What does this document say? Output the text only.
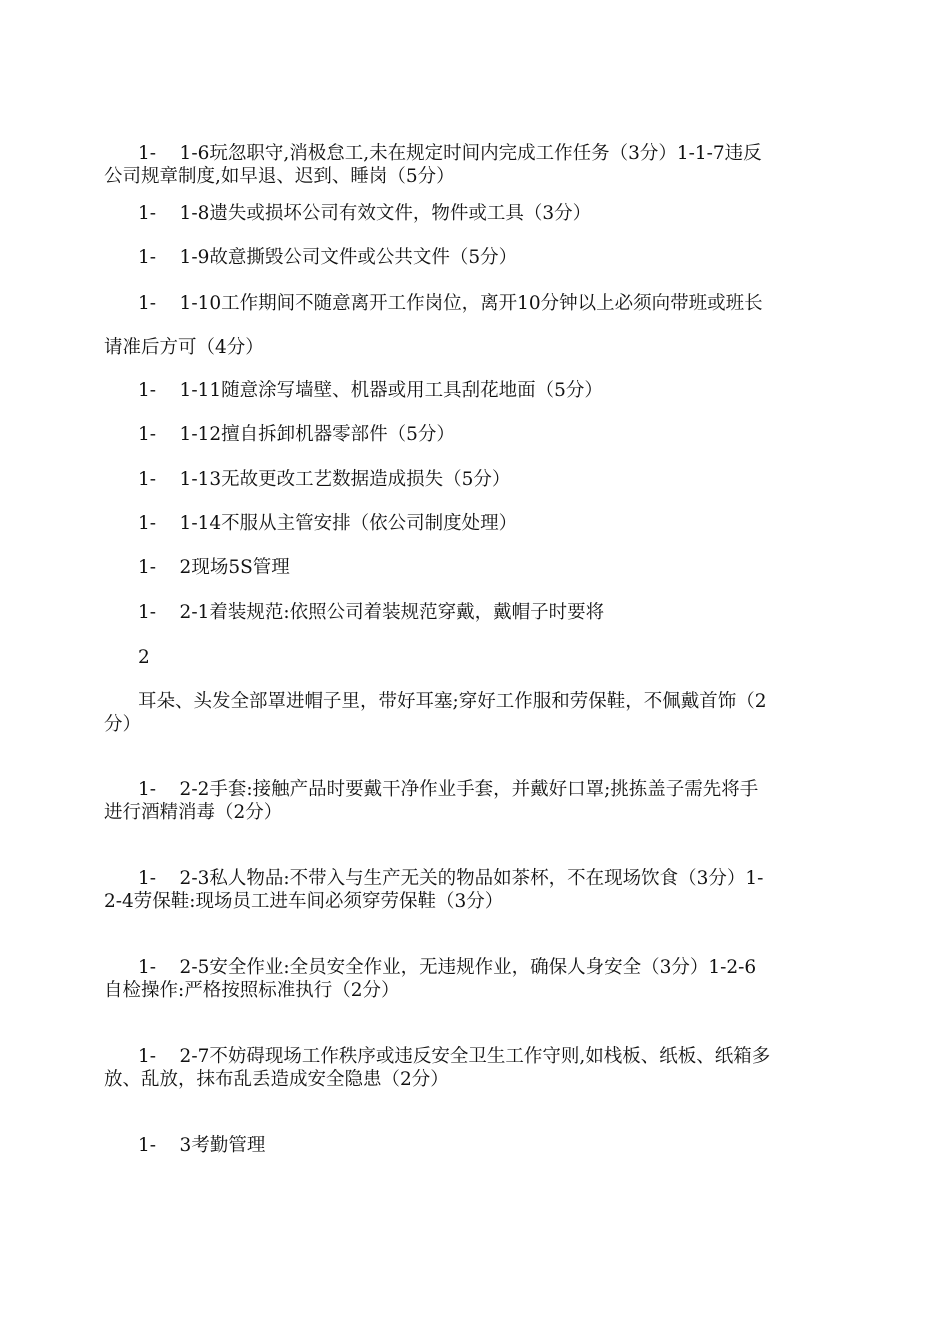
1-    1-6玩忽职守,消极怠工,未在规定时间内完成工作任务（3分）1-1-7违反
公司规章制度,如早退、迟到、睡岗（5分）

1-    1-8遗失或损坏公司有效文件，物件或工具（3分）

1-    1-9故意撕毁公司文件或公共文件（5分）

1-    1-10工作期间不随意离开工作岗位，离开10分钟以上必须向带班或班长
请准后方可（4分）

1-    1-11随意涂写墙壁、机器或用工具刮花地面（5分）

1-    1-12擅自拆卸机器零部件（5分）

1-    1-13无故更改工艺数据造成损失（5分）

1-    1-14不服从主管安排（依公司制度处理）

1-    2现场5S管理

1-    2-1着装规范:依照公司着装规范穿戴，戴帽子时要将

2

耳朵、头发全部罩进帽子里，带好耳塞;穿好工作服和劳保鞋，不佩戴首饰（2
分）

1-    2-2手套:接触产品时要戴干净作业手套，并戴好口罩;挑拣盖子需先将手
进行酒精消毒（2分）

1-    2-3私人物品:不带入与生产无关的物品如茶杯，不在现场饮食（3分）1-
2-4劳保鞋:现场员工进车间必须穿劳保鞋（3分）

1-    2-5安全作业:全员安全作业，无违规作业，确保人身安全（3分）1-2-6
自检操作:严格按照标准执行（2分）

1-    2-7不妨碍现场工作秩序或违反安全卫生工作守则,如栈板、纸板、纸箱多
放、乱放，抹布乱丢造成安全隐患（2分）

1-    3考勤管理
